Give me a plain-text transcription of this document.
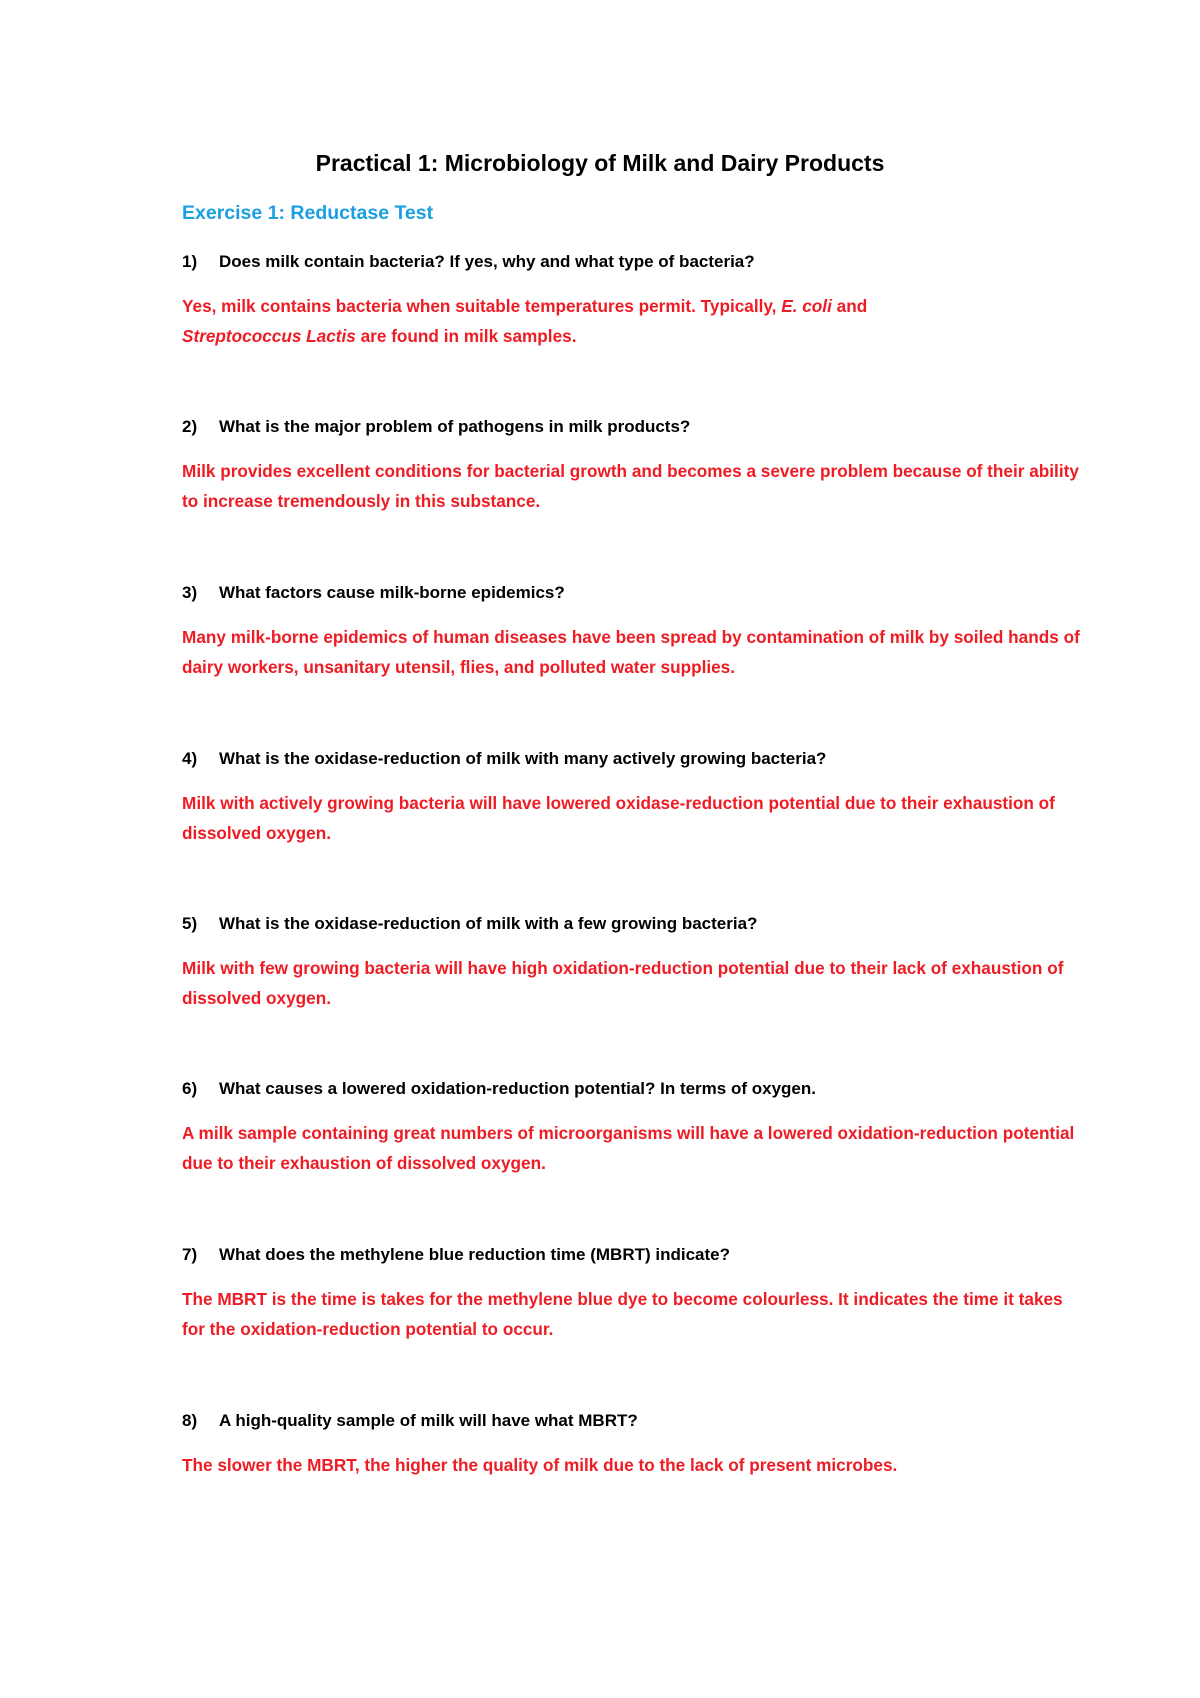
Practical 1: Microbiology of Milk and Dairy Products
Exercise 1: Reductase Test

1)	Does milk contain bacteria? If yes, why and what type of bacteria?

Yes, milk contains bacteria when suitable temperatures permit. Typically, E. coli and
Streptococcus Lactis are found in milk samples.

2)	What is the major problem of pathogens in milk products?

Milk provides excellent conditions for bacterial growth and becomes a severe problem because of their ability to increase tremendously in this substance.

3)	What factors cause milk-borne epidemics?

Many milk-borne epidemics of human diseases have been spread by contamination of milk by soiled hands of dairy workers, unsanitary utensil, flies, and polluted water supplies.

4)	What is the oxidase-reduction of milk with many actively growing bacteria?

Milk with actively growing bacteria will have lowered oxidase-reduction potential due to their exhaustion of dissolved oxygen.

5)	What is the oxidase-reduction of milk with a few growing bacteria?

Milk with few growing bacteria will have high oxidation-reduction potential due to their lack of exhaustion of dissolved oxygen.

6)	What causes a lowered oxidation-reduction potential? In terms of oxygen.

A milk sample containing great numbers of microorganisms will have a lowered oxidation-reduction potential due to their exhaustion of dissolved oxygen.

7)	What does the methylene blue reduction time (MBRT) indicate?

The MBRT is the time is takes for the methylene blue dye to become colourless. It indicates the time it takes for the oxidation-reduction potential to occur.

8)	A high-quality sample of milk will have what MBRT?

The slower the MBRT, the higher the quality of milk due to the lack of present microbes.
